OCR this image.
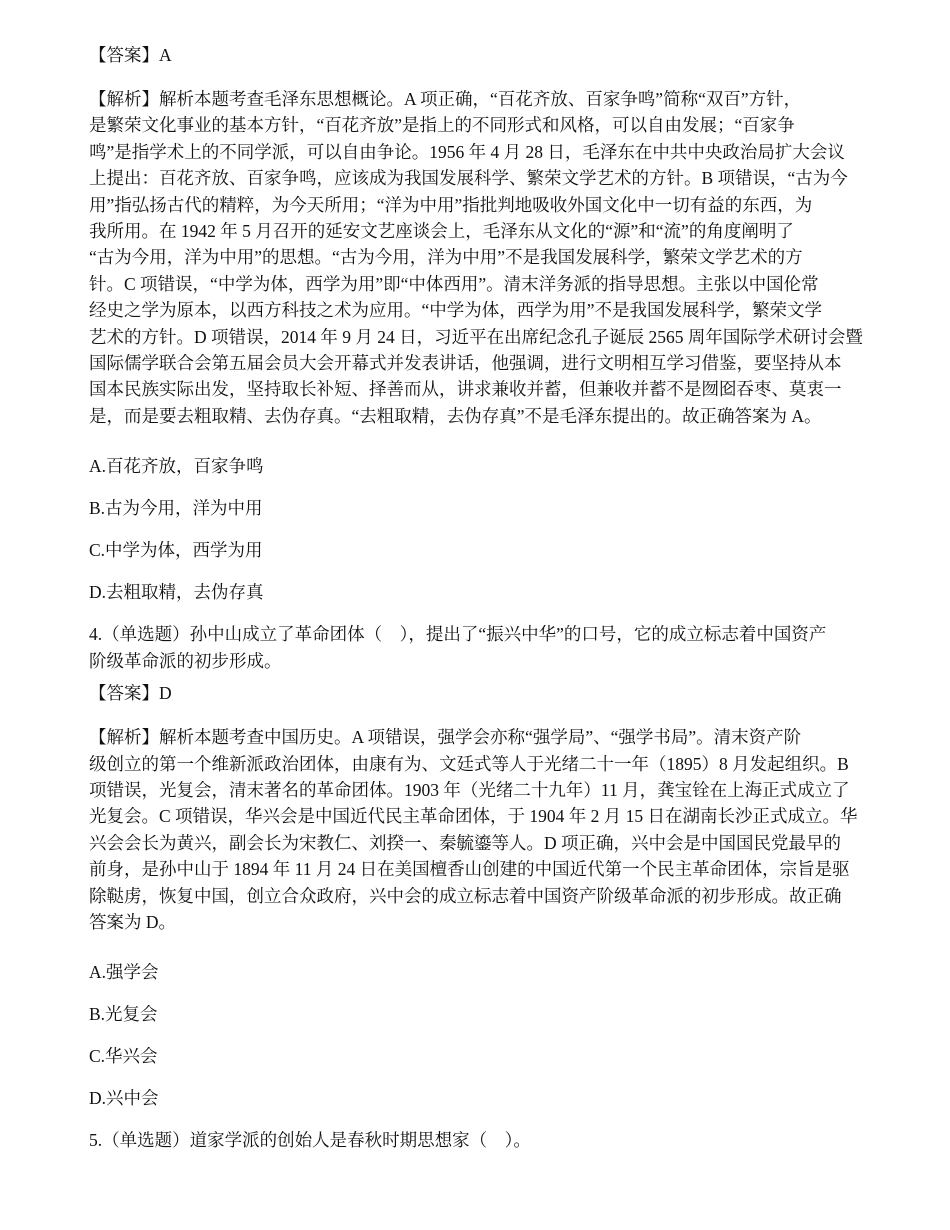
【答案】A

【解析】解析本题考查毛泽东思想概论。A 项正确，“百花齐放、百家争鸣”简称“双百”方针，

是繁荣文化事业的基本方针，“百花齐放”是指上的不同形式和风格，可以自由发展；“百家争

鸣”是指学术上的不同学派，可以自由争论。1956 年 4 月 28 日，毛泽东在中共中央政治局扩大会议

上提出：百花齐放、百家争鸣，应该成为我国发展科学、繁荣文学艺术的方针。B 项错误，“古为今

用”指弘扬古代的精粹，为今天所用；“洋为中用”指批判地吸收外国文化中一切有益的东西，为

我所用。在 1942 年 5 月召开的延安文艺座谈会上，毛泽东从文化的“源”和“流”的角度阐明了

“古为今用，洋为中用”的思想。“古为今用，洋为中用”不是我国发展科学，繁荣文学艺术的方

针。C 项错误，“中学为体，西学为用”即“中体西用”。清末洋务派的指导思想。主张以中国伦常

经史之学为原本，以西方科技之术为应用。“中学为体，西学为用”不是我国发展科学，繁荣文学

艺术的方针。D 项错误，2014 年 9 月 24 日，习近平在出席纪念孔子诞辰 2565 周年国际学术研讨会暨

国际儒学联合会第五届会员大会开幕式并发表讲话，他强调，进行文明相互学习借鉴，要坚持从本

国本民族实际出发，坚持取长补短、择善而从，讲求兼收并蓄，但兼收并蓄不是囫囵吞枣、莫衷一

是，而是要去粗取精、去伪存真。“去粗取精，去伪存真”不是毛泽东提出的。故正确答案为 A。

A.百花齐放，百家争鸣

B.古为今用，洋为中用

C.中学为体，西学为用

D.去粗取精，去伪存真

4.（单选题）孙中山成立了革命团体（　），提出了“振兴中华”的口号，它的成立标志着中国资产

阶级革命派的初步形成。

【答案】D

【解析】解析本题考查中国历史。A 项错误，强学会亦称“强学局”、“强学书局”。清末资产阶

级创立的第一个维新派政治团体，由康有为、文廷式等人于光绪二十一年（1895）8 月发起组织。B

项错误，光复会，清末著名的革命团体。1903 年（光绪二十九年）11 月，龚宝铨在上海正式成立了

光复会。C 项错误，华兴会是中国近代民主革命团体，于 1904 年 2 月 15 日在湖南长沙正式成立。华

兴会会长为黄兴，副会长为宋教仁、刘揆一、秦毓鎏等人。D 项正确，兴中会是中国国民党最早的

前身，是孙中山于 1894 年 11 月 24 日在美国檀香山创建的中国近代第一个民主革命团体，宗旨是驱

除鞑虏，恢复中国，创立合众政府，兴中会的成立标志着中国资产阶级革命派的初步形成。故正确

答案为 D。

A.强学会

B.光复会

C.华兴会

D.兴中会

5.（单选题）道家学派的创始人是春秋时期思想家（　）。
